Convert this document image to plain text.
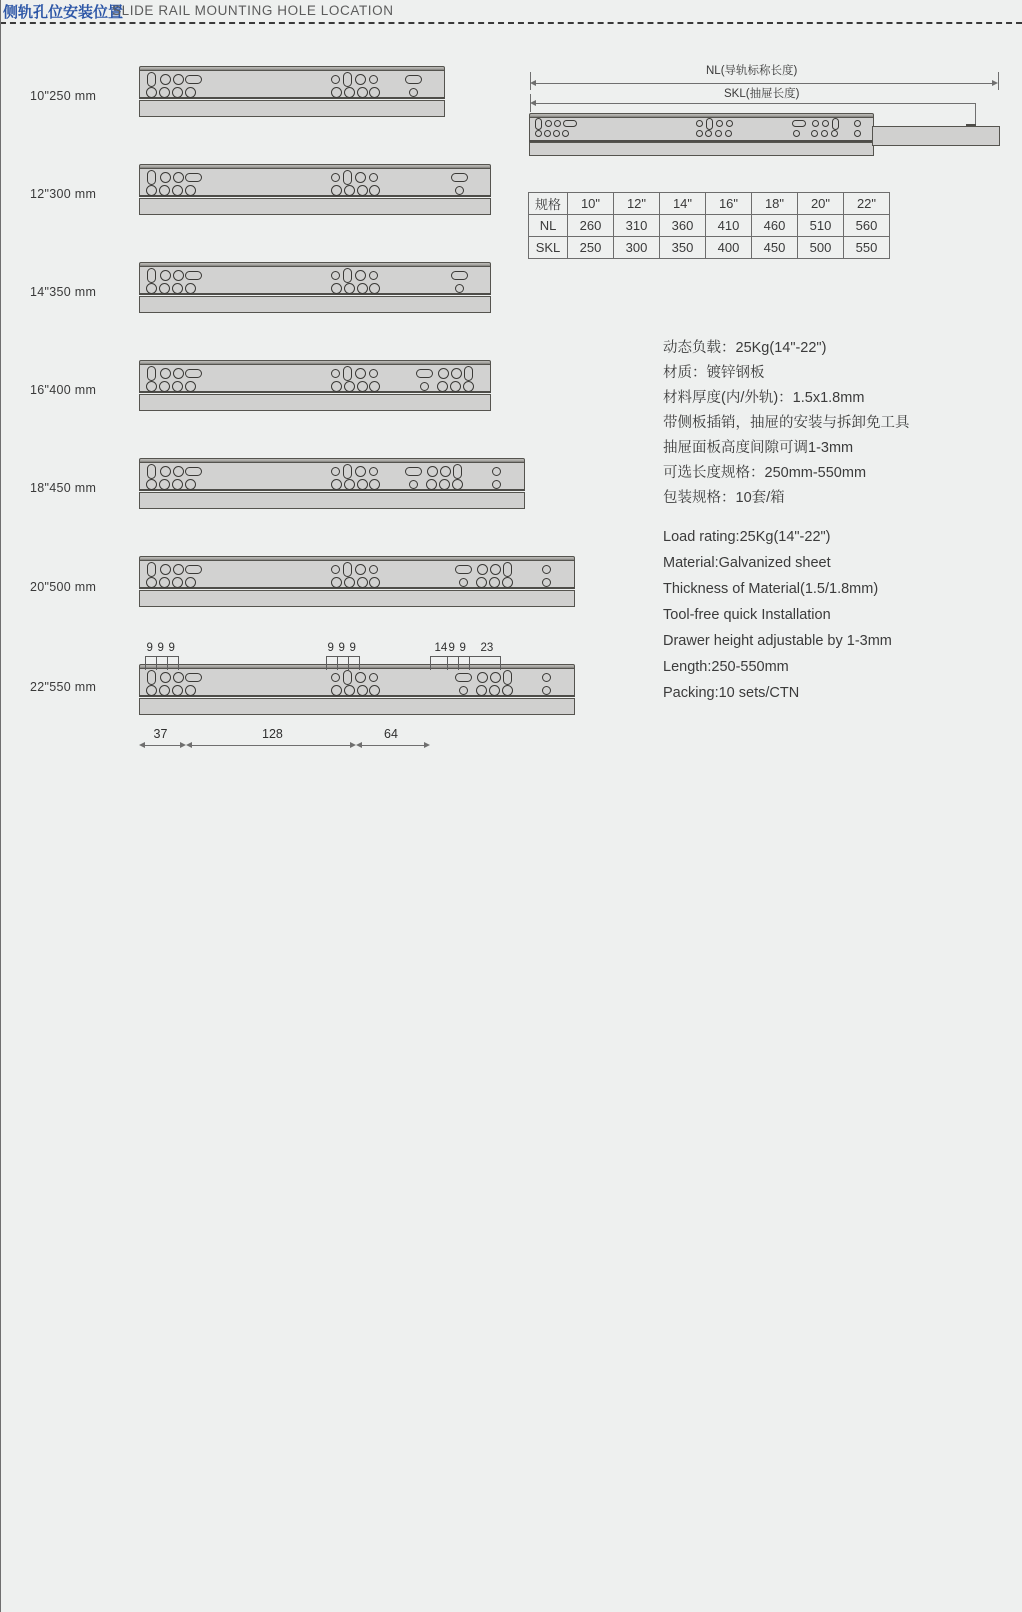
侧轨孔位安装位置
SLIDE RAIL MOUNTING HOLE LOCATION
10"250 mm
12"300 mm
14"350 mm
16"400 mm
18"450 mm
20"500 mm
22"550 mm
NL(导轨标称长度)
SKL(抽屉长度)
9 9 9	9 9 9	14 9 9 23
37	128	64
规格	10"	12"	14"	16"	18"	20"	22"
NL	260	310	360	410	460	510	560
SKL	250	300	350	400	450	500	550
动态负载：25Kg(14"-22")
材质：镀锌钢板
材料厚度(内/外轨)：1.5x1.8mm
带侧板插销，抽屉的安装与拆卸免工具
抽屉面板高度间隙可调1-3mm
可选长度规格：250mm-550mm
包装规格：10套/箱
Load rating:25Kg(14"-22")
Material:Galvanized sheet
Thickness of Material(1.5/1.8mm)
Tool-free quick Installation
Drawer height adjustable by 1-3mm
Length:250-550mm
Packing:10 sets/CTN
